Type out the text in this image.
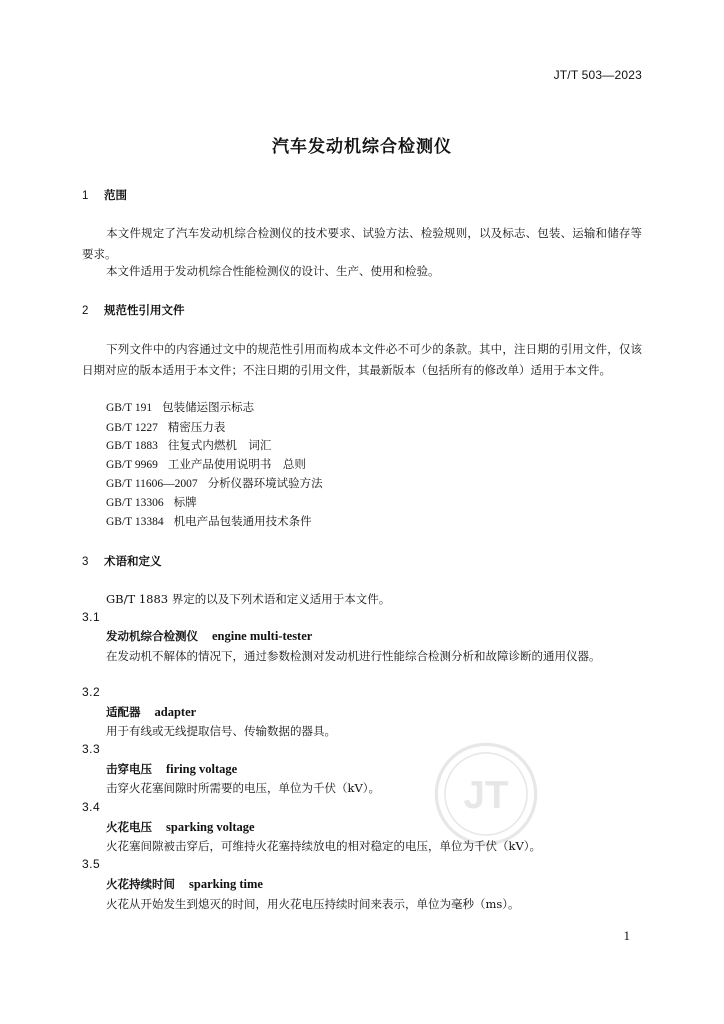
JT/T 503—2023
汽车发动机综合检测仪
1 范围
本文件规定了汽车发动机综合检测仪的技术要求、试验方法、检验规则，以及标志、包装、运输和储存等要求。
本文件适用于发动机综合性能检测仪的设计、生产、使用和检验。
2 规范性引用文件
下列文件中的内容通过文中的规范性引用而构成本文件必不可少的条款。其中，注日期的引用文件，仅该日期对应的版本适用于本文件；不注日期的引用文件，其最新版本（包括所有的修改单）适用于本文件。
GB/T 191 包装储运图示标志
GB/T 1227 精密压力表
GB/T 1883 往复式内燃机　词汇
GB/T 9969 工业产品使用说明书　总则
GB/T 11606—2007 分析仪器环境试验方法
GB/T 13306 标牌
GB/T 13384 机电产品包装通用技术条件
3 术语和定义
GB/T 1883 界定的以及下列术语和定义适用于本文件。
3.1
发动机综合检测仪 engine multi-tester
在发动机不解体的情况下，通过参数检测对发动机进行性能综合检测分析和故障诊断的通用仪器。
3.2
适配器 adapter
用于有线或无线提取信号、传输数据的器具。
3.3
击穿电压 firing voltage
击穿火花塞间隙时所需要的电压，单位为千伏（kV）。
3.4
火花电压 sparking voltage
火花塞间隙被击穿后，可维持火花塞持续放电的相对稳定的电压，单位为千伏（kV）。
3.5
火花持续时间 sparking time
火花从开始发生到熄灭的时间，用火花电压持续时间来表示，单位为毫秒（ms）。
JT
1
